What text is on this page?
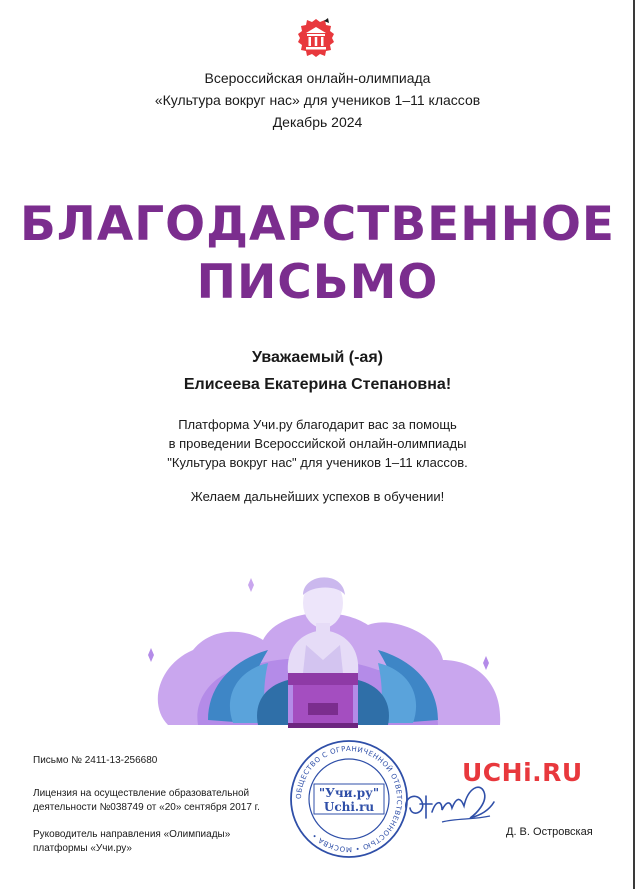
Всероссийская онлайн-олимпиада
«Культура вокруг нас» для учеников 1–11 классов
Декабрь 2024
БЛАГОДАРСТВЕННОЕ
ПИСЬМО
Уважаемый (-ая)
Елисеева Екатерина Степановна!
Платформа Учи.ру благодарит вас за помощь
в проведении Всероссийской онлайн-олимпиады
"Культура вокруг нас" для учеников 1–11 классов.
Желаем дальнейших успехов в обучении!
Письмо № 2411-13-256680
Лицензия на осуществление образовательной
деятельности №038749 от «20» сентября 2017 г.
Руководитель направления «Олимпиады»
платформы «Учи.ру»
ОБЩЕСТВО С ОГРАНИЧЕННОЙ ОТВЕТСТВЕННОСТЬЮ • МОСКВА •
"Учи.ру"
Uchi.ru
UCHi.RU
Д. В. Островская
